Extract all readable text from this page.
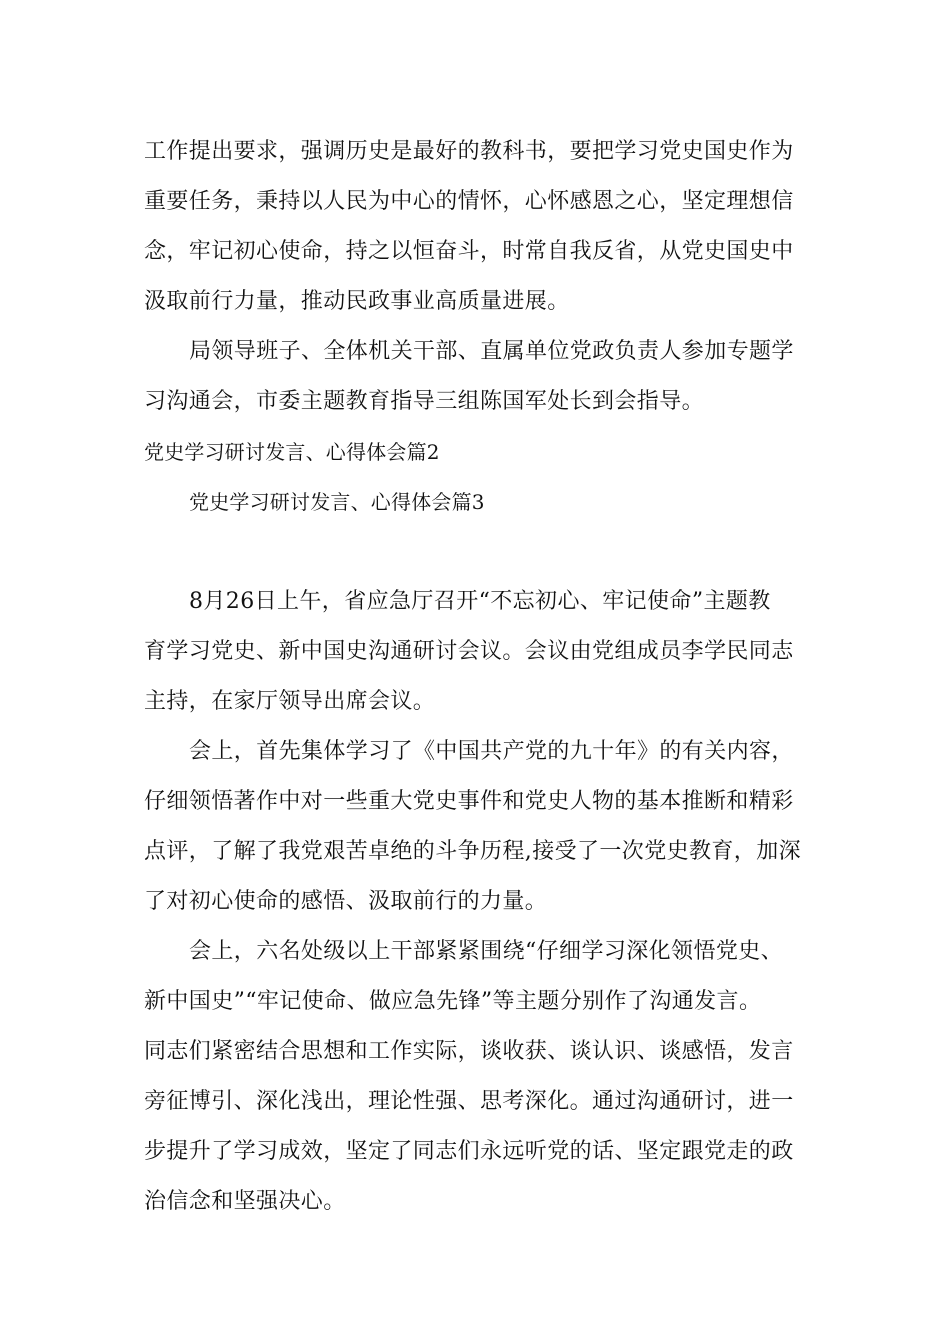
工作提出要求，强调历史是最好的教科书，要把学习党史国史作为
重要任务，秉持以人民为中心的情怀，心怀感恩之心，坚定理想信
念，牢记初心使命，持之以恒奋斗，时常自我反省，从党史国史中
汲取前行力量，推动民政事业高质量进展。
局领导班子、全体机关干部、直属单位党政负责人参加专题学
习沟通会，市委主题教育指导三组陈国军处长到会指导。
党史学习研讨发言、心得体会篇2
党史学习研讨发言、心得体会篇3
8月26日上午，省应急厅召开“不忘初心、牢记使命”主题教
育学习党史、新中国史沟通研讨会议。会议由党组成员李学民同志
主持，在家厅领导出席会议。
会上，首先集体学习了《中国共产党的九十年》的有关内容，
仔细领悟著作中对一些重大党史事件和党史人物的基本推断和精彩
点评，了解了我党艰苦卓绝的斗争历程,接受了一次党史教育，加深
了对初心使命的感悟、汲取前行的力量。
会上，六名处级以上干部紧紧围绕“仔细学习深化领悟党史、
新中国史”“牢记使命、做应急先锋”等主题分别作了沟通发言。
同志们紧密结合思想和工作实际，谈收获、谈认识、谈感悟，发言
旁征博引、深化浅出，理论性强、思考深化。通过沟通研讨，进一
步提升了学习成效，坚定了同志们永远听党的话、坚定跟党走的政
治信念和坚强决心。
